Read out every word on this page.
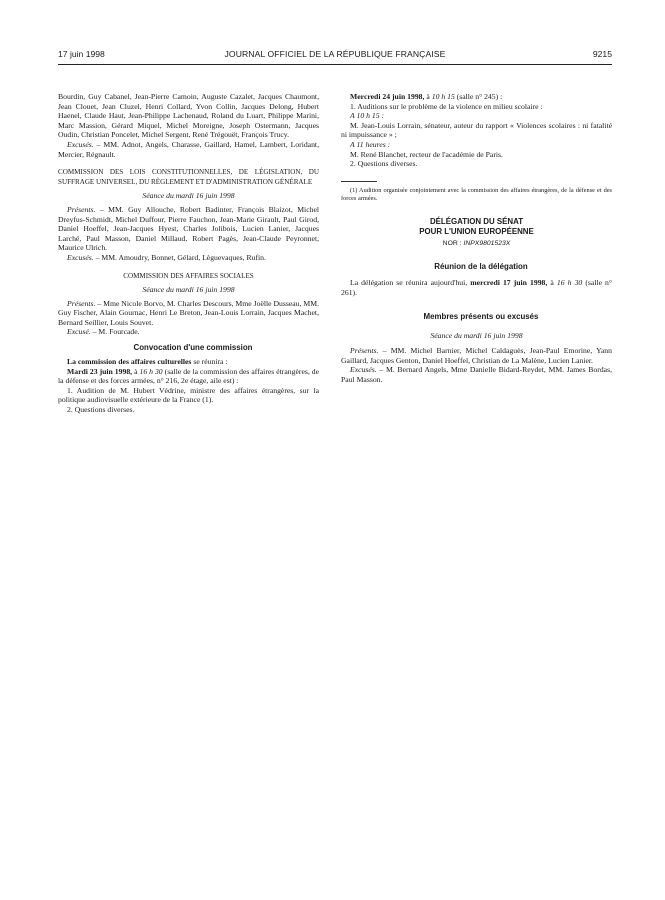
17 juin 1998	JOURNAL OFFICIEL DE LA RÉPUBLIQUE FRANÇAISE	9215

Bourdin, Guy Cabanel, Jean-Pierre Camoin, Auguste Cazalet, Jacques Chaumont, Jean Clouet, Jean Cluzel, Henri Collard, Yvon Collin, Jacques Delong, Hubert Haenel, Claude Haut, Jean-Philippe Lachenaud, Roland du Luart, Philippe Marini, Marc Massion, Gérard Miquel, Michel Moreigne, Joseph Ostermann, Jacques Oudin, Christian Poncelet, Michel Sergent, René Trégouët, François Trucy.

Excusés. – MM. Adnot, Angels, Charasse, Gaillard, Hamel, Lambert, Loridant, Mercier, Régnault.

COMMISSION DES LOIS CONSTITUTIONNELLES, DE LÉGISLATION, DU SUFFRAGE UNIVERSEL, DU RÈGLEMENT ET D'ADMINISTRATION GÉNÉRALE

Séance du mardi 16 juin 1998

Présents. – MM. Guy Allouche, Robert Badinter, François Blaizot, Michel Dreyfus-Schmidt, Michel Duffour, Pierre Fauchon, Jean-Marie Girault, Paul Girod, Daniel Hoeffel, Jean-Jacques Hyest, Charles Jolibois, Lucien Lanier, Jacques Larché, Paul Masson, Daniel Millaud, Robert Pagès, Jean-Claude Peyronnet, Maurice Ulrich.

Excusés. – MM. Amoudry, Bonnet, Gélard, Lèguevaques, Rufin.

COMMISSION DES AFFAIRES SOCIALES

Séance du mardi 16 juin 1998

Présents. – Mme Nicole Borvo, M. Charles Descours, Mme Joëlle Dusseau, MM. Guy Fischer, Alain Gournac, Henri Le Breton, Jean-Louis Lorrain, Jacques Machet, Bernard Seillier, Louis Souvet.

Excusé. – M. Fourcade.

Convocation d'une commission

La commission des affaires culturelles se réunira :

Mardi 23 juin 1998, à 16 h 30 (salle de la commission des affaires étrangères, de la défense et des forces armées, n° 216, 2e étage, aile est) :

1. Audition de M. Hubert Védrine, ministre des affaires étrangères, sur la politique audiovisuelle extérieure de la France (1).

2. Questions diverses.

Mercredi 24 juin 1998, à 10 h 15 (salle n° 245) :

1. Auditions sur le problème de la violence en milieu scolaire :

A 10 h 15 :

M. Jean-Louis Lorrain, sénateur, auteur du rapport « Violences scolaires : ni fatalité ni impuissance » ;

A 11 heures :

M. René Blanchet, recteur de l'académie de Paris.

2. Questions diverses.

(1) Audition organisée conjointement avec la commission des affaires étrangères, de la défense et des forces armées.

DÉLÉGATION DU SÉNAT
POUR L'UNION EUROPÉENNE
NOR : INPX9801523X

Réunion de la délégation

La délégation se réunira aujourd'hui, mercredi 17 juin 1998, à 16 h 30 (salle n° 261).

Membres présents ou excusés

Séance du mardi 16 juin 1998

Présents. – MM. Michel Barnier, Michel Caldaguès, Jean-Paul Emorine, Yann Gaillard, Jacques Genton, Daniel Hoeffel, Christian de La Malène, Lucien Lanier.

Excusés. – M. Bernard Angels, Mme Danielle Bidard-Reydet, MM. James Bordas, Paul Masson.
